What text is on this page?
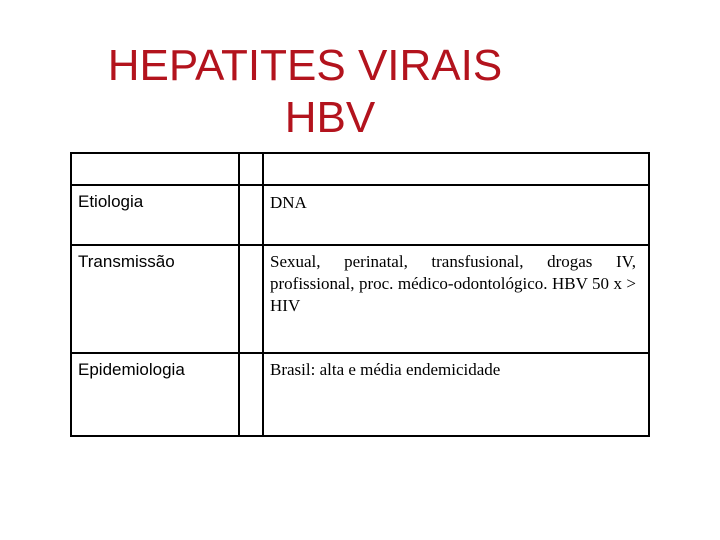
HEPATITES VIRAIS
HBV
Etiologia	DNA
Transmissão	Sexual, perinatal, transfusional, drogas IV, profissional, proc. médico-odontológico. HBV 50 x > HIV
Epidemiologia	Brasil: alta e média endemicidade
